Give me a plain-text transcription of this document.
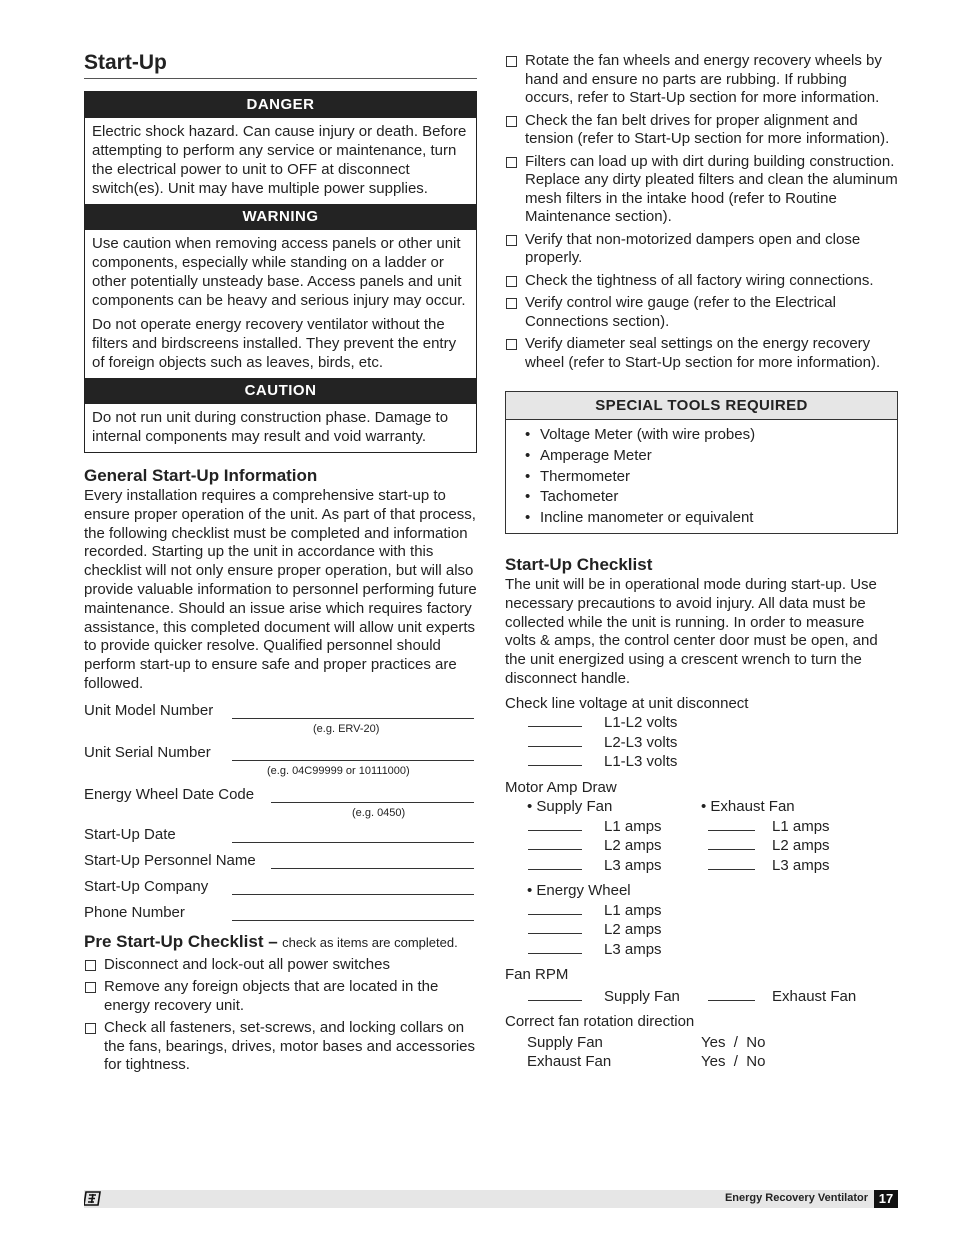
Start-Up
DANGER

Electric shock hazard. Can cause injury or death. Before attempting to perform any service or maintenance, turn the electrical power to unit to OFF at disconnect switch(es). Unit may have multiple power supplies.

WARNING

Use caution when removing access panels or other unit components, especially while standing on a ladder or other potentially unsteady base. Access panels and unit components can be heavy and serious injury may occur.

Do not operate energy recovery ventilator without the filters and birdscreens installed. They prevent the entry of foreign objects such as leaves, birds, etc.

CAUTION

Do not run unit during construction phase. Damage to internal components may result and void warranty.

General Start-Up Information

Every installation requires a comprehensive start-up to ensure proper operation of the unit. As part of that process, the following checklist must be completed and information recorded. Starting up the unit in accordance with this checklist will not only ensure proper operation, but will also provide valuable information to personnel performing future maintenance. Should an issue arise which requires factory assistance, this completed document will allow unit experts to provide quicker resolve. Qualified personnel should perform start-up to ensure safe and proper practices are followed.

Unit Model Number
(e.g. ERV-20)
Unit Serial Number
(e.g. 04C99999 or 10111000)
Energy Wheel Date Code
(e.g. 0450)
Start-Up Date
Start-Up Personnel Name
Start-Up Company
Phone Number
Pre Start-Up Checklist – check as items are completed.
Disconnect and lock-out all power switches
Remove any foreign objects that are located in the energy recovery unit.
Check all fasteners, set-screws, and locking collars on the fans, bearings, drives, motor bases and accessories for tightness.
Rotate the fan wheels and energy recovery wheels by hand and ensure no parts are rubbing. If rubbing occurs, refer to Start-Up section for more information.
Check the fan belt drives for proper alignment and tension (refer to Start-Up section for more information).
Filters can load up with dirt during building construction. Replace any dirty pleated filters and clean the aluminum mesh filters in the intake hood (refer to Routine Maintenance section).
Verify that non-motorized dampers open and close properly.
Check the tightness of all factory wiring connections.
Verify control wire gauge (refer to the Electrical Connections section).
Verify diameter seal settings on the energy recovery wheel (refer to Start-Up section for more information).
SPECIAL TOOLS REQUIRED
• Voltage Meter (with wire probes)
• Amperage Meter
• Thermometer
• Tachometer
• Incline manometer or equivalent
Start-Up Checklist

The unit will be in operational mode during start-up. Use necessary precautions to avoid injury. All data must be collected while the unit is running. In order to measure volts & amps, the control center door must be open, and the unit energized using a crescent wrench to turn the disconnect handle.

Check line voltage at unit disconnect
L1-L2 volts
L2-L3 volts
L1-L3 volts
Motor Amp Draw
• Supply Fan	• Exhaust Fan
L1 amps	L1 amps
L2 amps	L2 amps
L3 amps	L3 amps
• Energy Wheel
L1 amps
L2 amps
L3 amps
Fan RPM
Supply Fan	Exhaust Fan
Correct fan rotation direction
Supply Fan	Yes  /  No
Exhaust Fan	Yes  /  No
Energy Recovery Ventilator 17
